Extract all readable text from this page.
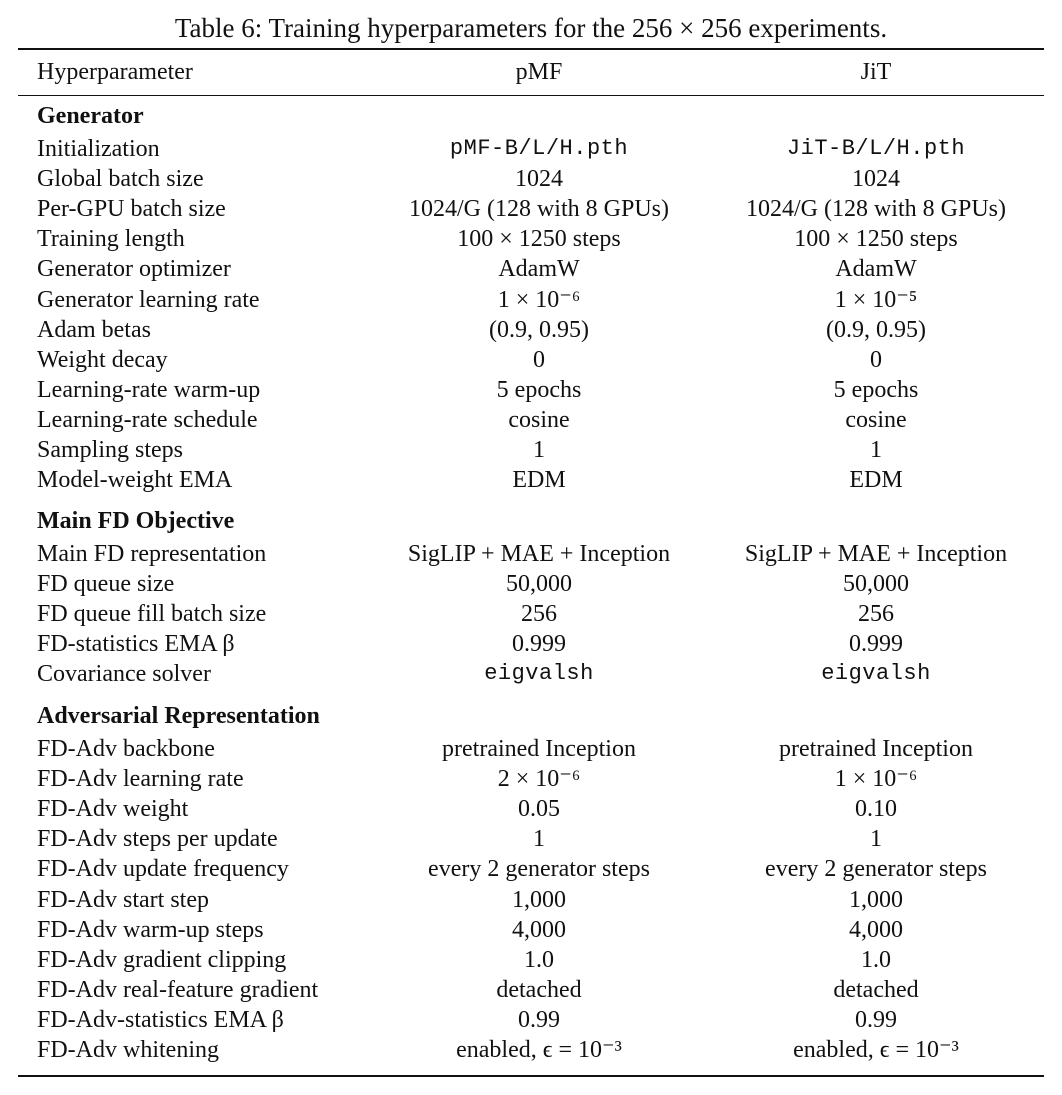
Table 6: Training hyperparameters for the 256 × 256 experiments.
Hyperparameter	pMF	JiT
Generator
Initialization	pMF-B/L/H.pth	JiT-B/L/H.pth
Global batch size	1024	1024
Per-GPU batch size	1024/G (128 with 8 GPUs)	1024/G (128 with 8 GPUs)
Training length	100 × 1250 steps	100 × 1250 steps
Generator optimizer	AdamW	AdamW
Generator learning rate	1 × 10⁻⁶	1 × 10⁻⁵
Adam betas	(0.9, 0.95)	(0.9, 0.95)
Weight decay	0	0
Learning-rate warm-up	5 epochs	5 epochs
Learning-rate schedule	cosine	cosine
Sampling steps	1	1
Model-weight EMA	EDM	EDM
Main FD Objective
Main FD representation	SigLIP + MAE + Inception	SigLIP + MAE + Inception
FD queue size	50,000	50,000
FD queue fill batch size	256	256
FD-statistics EMA β	0.999	0.999
Covariance solver	eigvalsh	eigvalsh
Adversarial Representation
FD-Adv backbone	pretrained Inception	pretrained Inception
FD-Adv learning rate	2 × 10⁻⁶	1 × 10⁻⁶
FD-Adv weight	0.05	0.10
FD-Adv steps per update	1	1
FD-Adv update frequency	every 2 generator steps	every 2 generator steps
FD-Adv start step	1,000	1,000
FD-Adv warm-up steps	4,000	4,000
FD-Adv gradient clipping	1.0	1.0
FD-Adv real-feature gradient	detached	detached
FD-Adv-statistics EMA β	0.99	0.99
FD-Adv whitening	enabled, ϵ = 10⁻³	enabled, ϵ = 10⁻³
